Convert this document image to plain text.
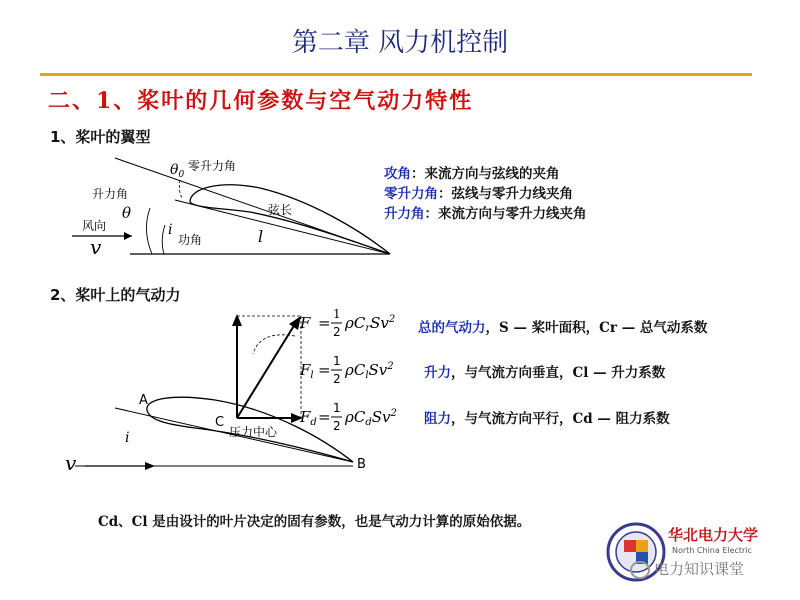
第二章 风力机控制
二、1、桨叶的几何参数与空气动力特性
1、桨叶的翼型
$\theta_0$
零升力角
升力角
θ	弦长
风向
v
i
功角	l
攻角：来流方向与弦线的夹角
零升力角：弦线与零升力线夹角
升力角：来流方向与零升力线夹角
2、桨叶上的气动力
A
B
C
压力中心
i
v
F = 1
2 $\rho C_rSv^2$
$F_l = 1$
2 $\rho C_lSv^2$
$F_d = 1$
2 $\rho C_dSv^2$
总的气动力，S — 桨叶面积，Cr — 总气动系数
升力，与气流方向垂直，Cl — 升力系数
阻力，与气流方向平行，Cd — 阻力系数
Cd、Cl 是由设计的叶片决定的固有参数，也是气动力计算的原始依据。
华北电力大学
North China Electric
电力知识课堂
